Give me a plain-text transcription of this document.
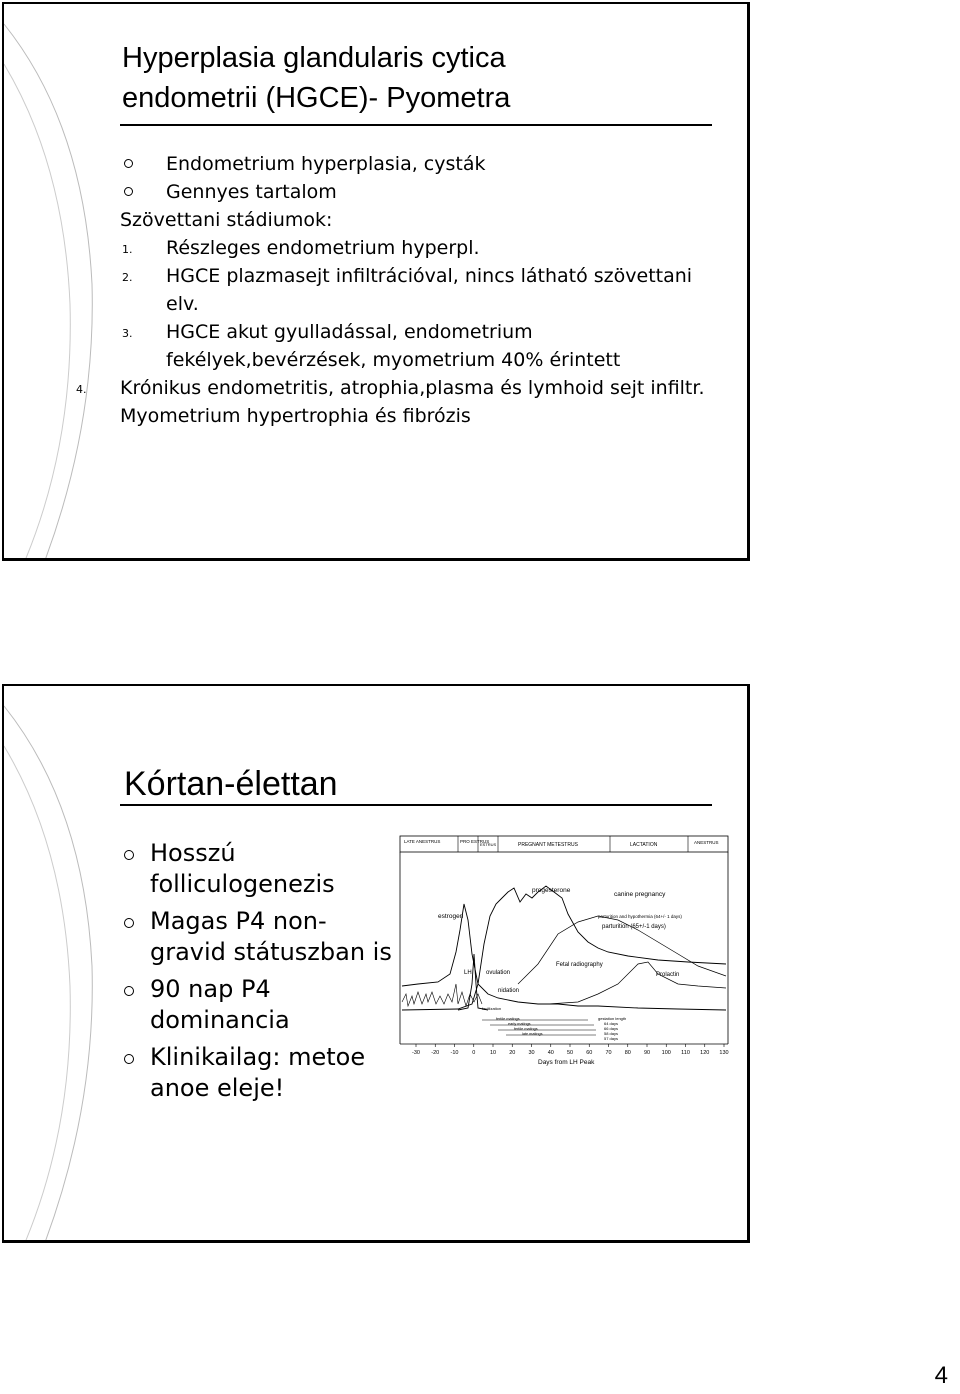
Hyperplasia glandularis cytica
endometrii (HGCE)- Pyometra
Endometrium hyperplasia, cysták
Gennyes tartalom
Szövettani stádiumok:
1. Részleges endometrium hyperpl.
2. HGCE plazmasejt infiltrációval, nincs látható szövettani elv.
3. HGCE akut gyulladással, endometrium fekélyek,bevérzések, myometrium 40% érintett
4. Krónikus endometritis, atrophia,plasma és lymhoid sejt infiltr. Myometrium hypertrophia és fibrózis
Kórtan-élettan
Hosszú folliculogenezis
Magas P4 non-gravid státuszban is
90 nap P4 dominancia
Klinikailag: metoe anoe eleje!
LATE ANESTRUS	PRO ESTRUS
ESTRUS	PREGNANT METESTRUS	LACTATION	ANESTRUS
estrogen
progesterone
canine pregnancy
parturition and hypothermia (64+/- 1 days)
parturition (65+/-1 days)
LH ovulation
nidation
fertilization
Fetal radiography
Prolactin
fertile matings
early matings
fertile matings
late matings
gestation length
64 days
66 days
58 days
57 days
-30 -20 -10 0	10 20 30 40 50 60 70 80 90 100 110 120 130
Days from LH Peak
4
